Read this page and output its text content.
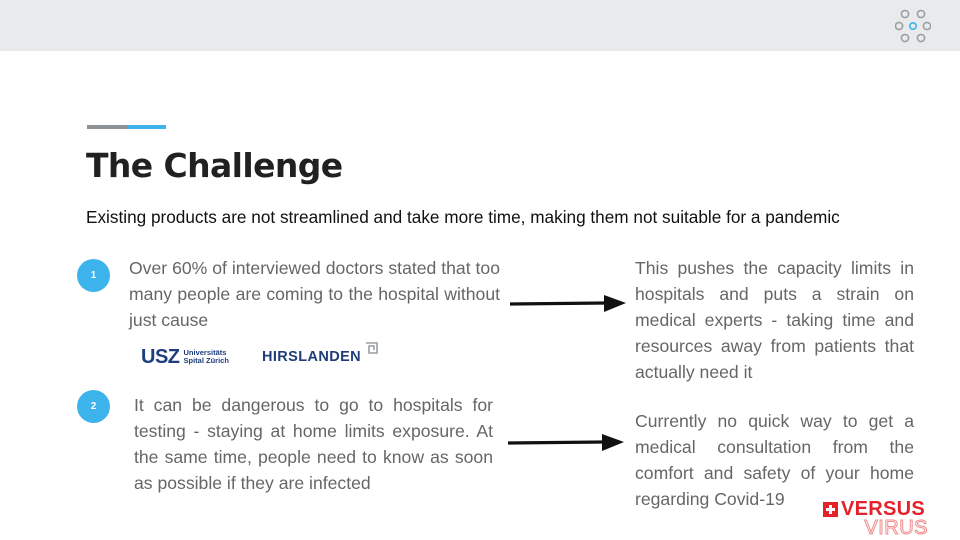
The Challenge

Existing products are not streamlined and take more time, making them not suitable for a pandemic

1	Over 60% of interviewed doctors stated that too many people are coming to the hospital without just cause

This pushes the capacity limits in hospitals and puts a strain on medical experts - taking time and resources away from patients that actually need it

USZ Universitäts
Spital Zürich HIRSLANDEN
2	It can be dangerous to go to hospitals for testing - staying at home limits exposure. At the same time, people need to know as soon as possible if they are infected

Currently no quick way to get a medical consultation from the comfort and safety of your home regarding Covid-19	VERSUS
VIRUS
